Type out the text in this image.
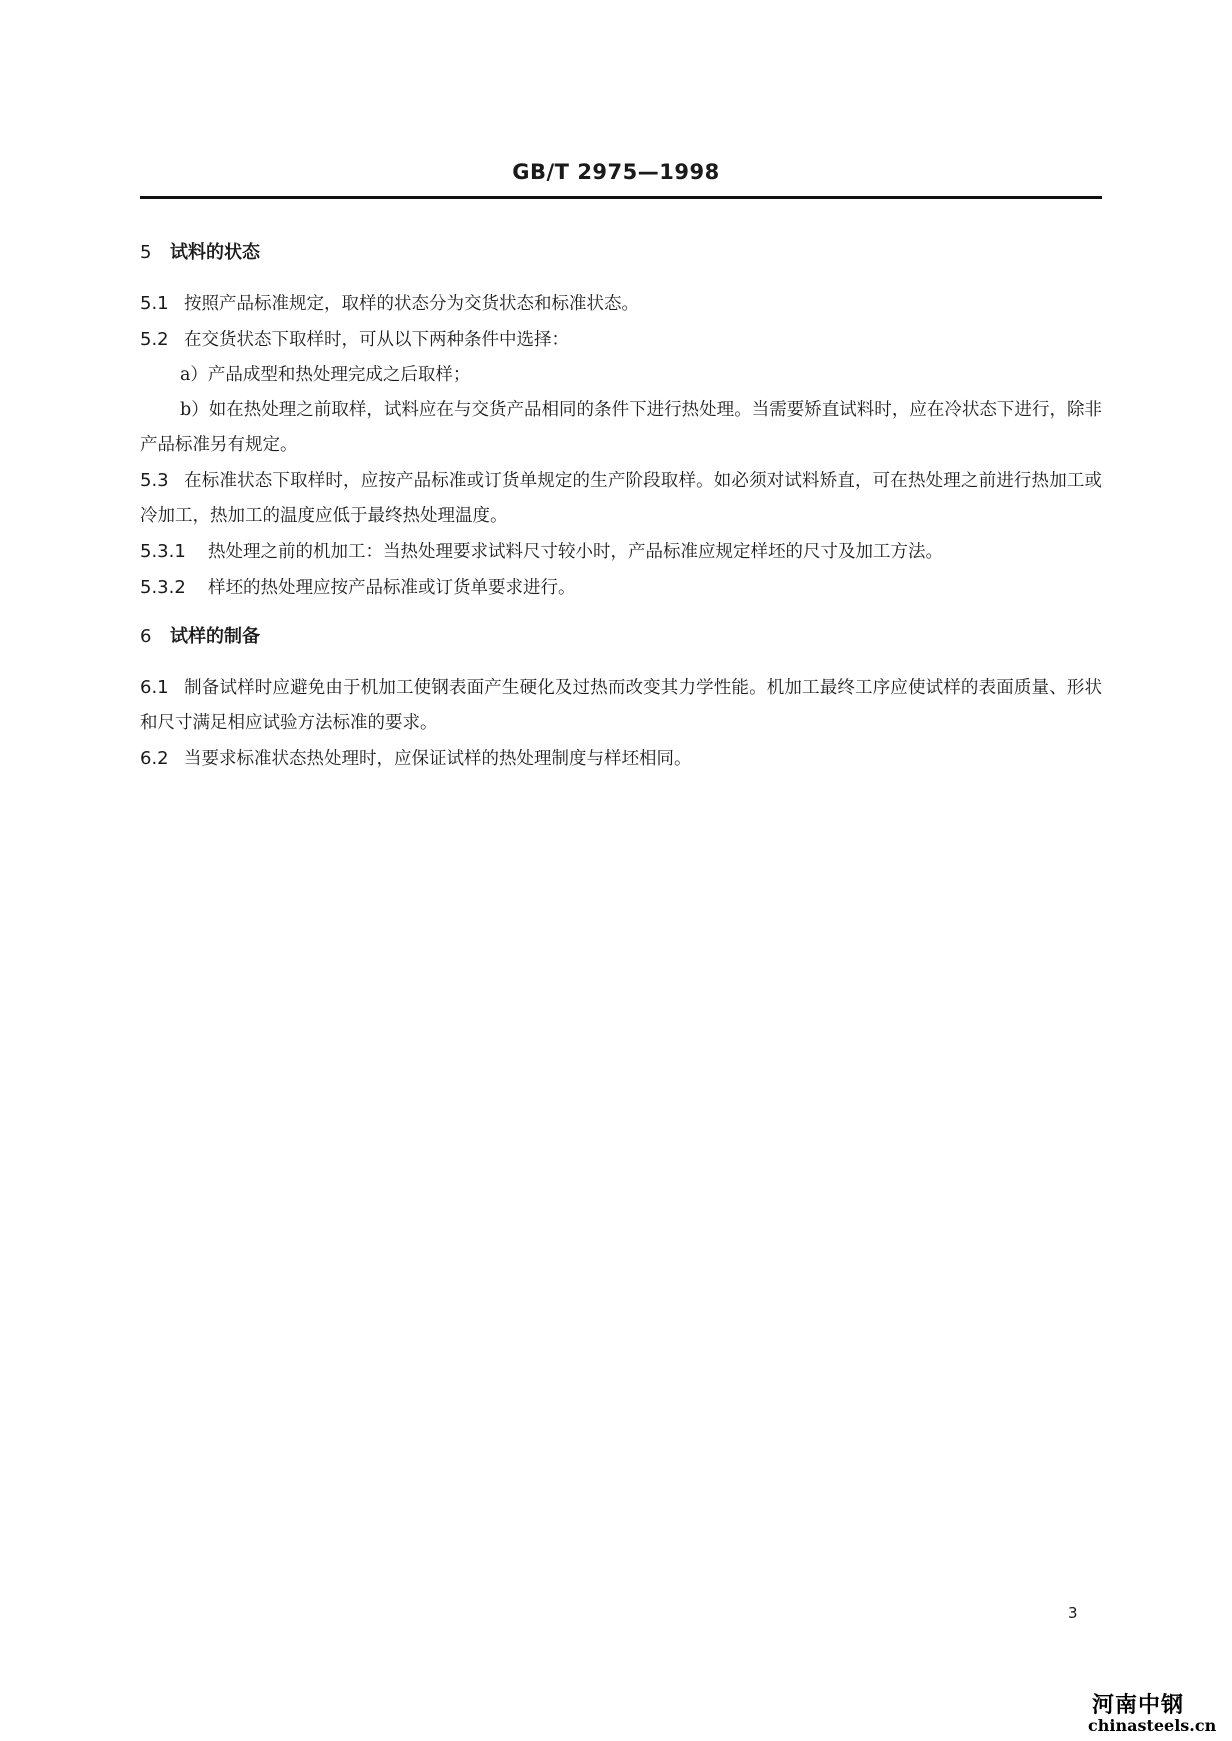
GB/T 2975—1998
5 试料的状态

5.1 按照产品标准规定，取样的状态分为交货状态和标准状态。

5.2 在交货状态下取样时，可从以下两种条件中选择：

a）产品成型和热处理完成之后取样；

b）如在热处理之前取样，试料应在与交货产品相同的条件下进行热处理。当需要矫直试料时，应在冷状态下进行，除非产品标准另有规定。

5.3 在标准状态下取样时，应按产品标准或订货单规定的生产阶段取样。如必须对试料矫直，可在热处理之前进行热加工或冷加工，热加工的温度应低于最终热处理温度。

5.3.1 热处理之前的机加工：当热处理要求试料尺寸较小时，产品标准应规定样坯的尺寸及加工方法。

5.3.2 样坯的热处理应按产品标准或订货单要求进行。

6 试样的制备

6.1 制备试样时应避免由于机加工使钢表面产生硬化及过热而改变其力学性能。机加工最终工序应使试样的表面质量、形状和尺寸满足相应试验方法标准的要求。

6.2 当要求标准状态热处理时，应保证试样的热处理制度与样坯相同。

3
河南中钢
chinasteels.cn
